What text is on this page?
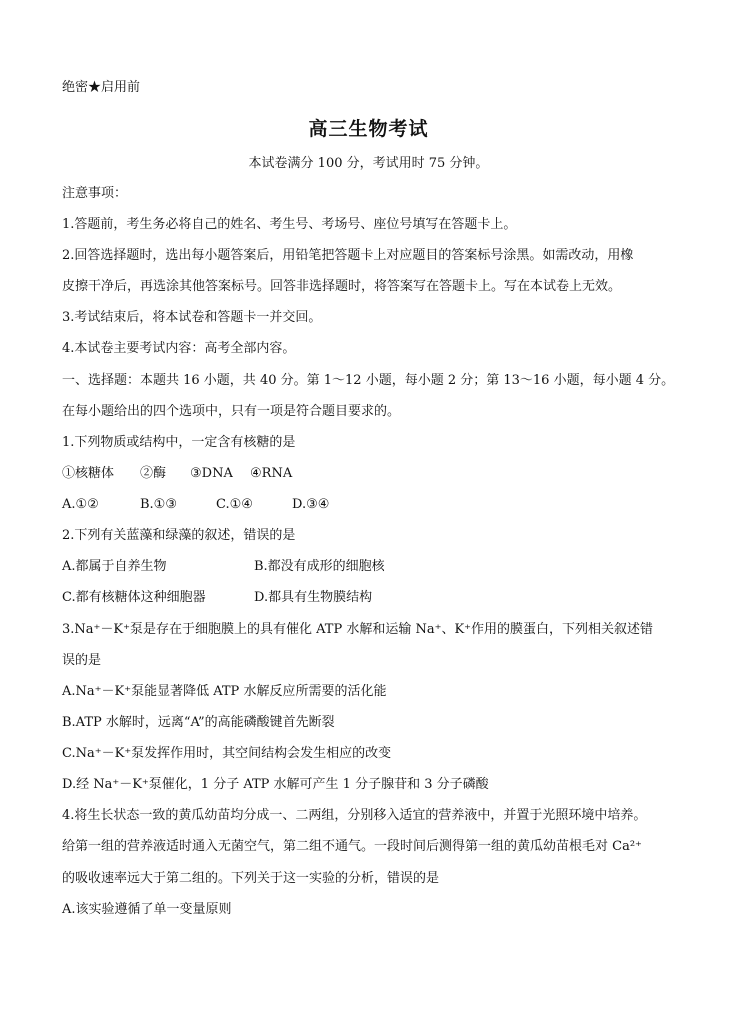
绝密★启用前
高三生物考试
本试卷满分 100 分，考试用时 75 分钟。
注意事项：
1.答题前，考生务必将自己的姓名、考生号、考场号、座位号填写在答题卡上。
2.回答选择题时，选出每小题答案后，用铅笔把答题卡上对应题目的答案标号涂黑。如需改动，用橡
皮擦干净后，再选涂其他答案标号。回答非选择题时，将答案写在答题卡上。写在本试卷上无效。
3.考试结束后，将本试卷和答题卡一并交回。
4.本试卷主要考试内容：高考全部内容。
一、选择题：本题共 16 小题，共 40 分。第 1～12 小题，每小题 2 分；第 13～16 小题，每小题 4 分。
在每小题给出的四个选项中，只有一项是符合题目要求的。
1.下列物质或结构中，一定含有核糖的是
①核糖体 ②酶 ③DNA ④RNA
A.①②	B.①③	C.①④	D.③④
2.下列有关蓝藻和绿藻的叙述，错误的是
A.都属于自养生物	B.都没有成形的细胞核
C.都有核糖体这种细胞器	D.都具有生物膜结构
3.Na⁺－K⁺泵是存在于细胞膜上的具有催化 ATP 水解和运输 Na⁺、K⁺作用的膜蛋白，下列相关叙述错
误的是
A.Na⁺－K⁺泵能显著降低 ATP 水解反应所需要的活化能
B.ATP 水解时，远离“A”的高能磷酸键首先断裂
C.Na⁺－K⁺泵发挥作用时，其空间结构会发生相应的改变
D.经 Na⁺－K⁺泵催化，1 分子 ATP 水解可产生 1 分子腺苷和 3 分子磷酸
4.将生长状态一致的黄瓜幼苗均分成一、二两组，分别移入适宜的营养液中，并置于光照环境中培养。
给第一组的营养液适时通入无菌空气，第二组不通气。一段时间后测得第一组的黄瓜幼苗根毛对 Ca²⁺
的吸收速率远大于第二组的。下列关于这一实验的分析，错误的是
A.该实验遵循了单一变量原则
